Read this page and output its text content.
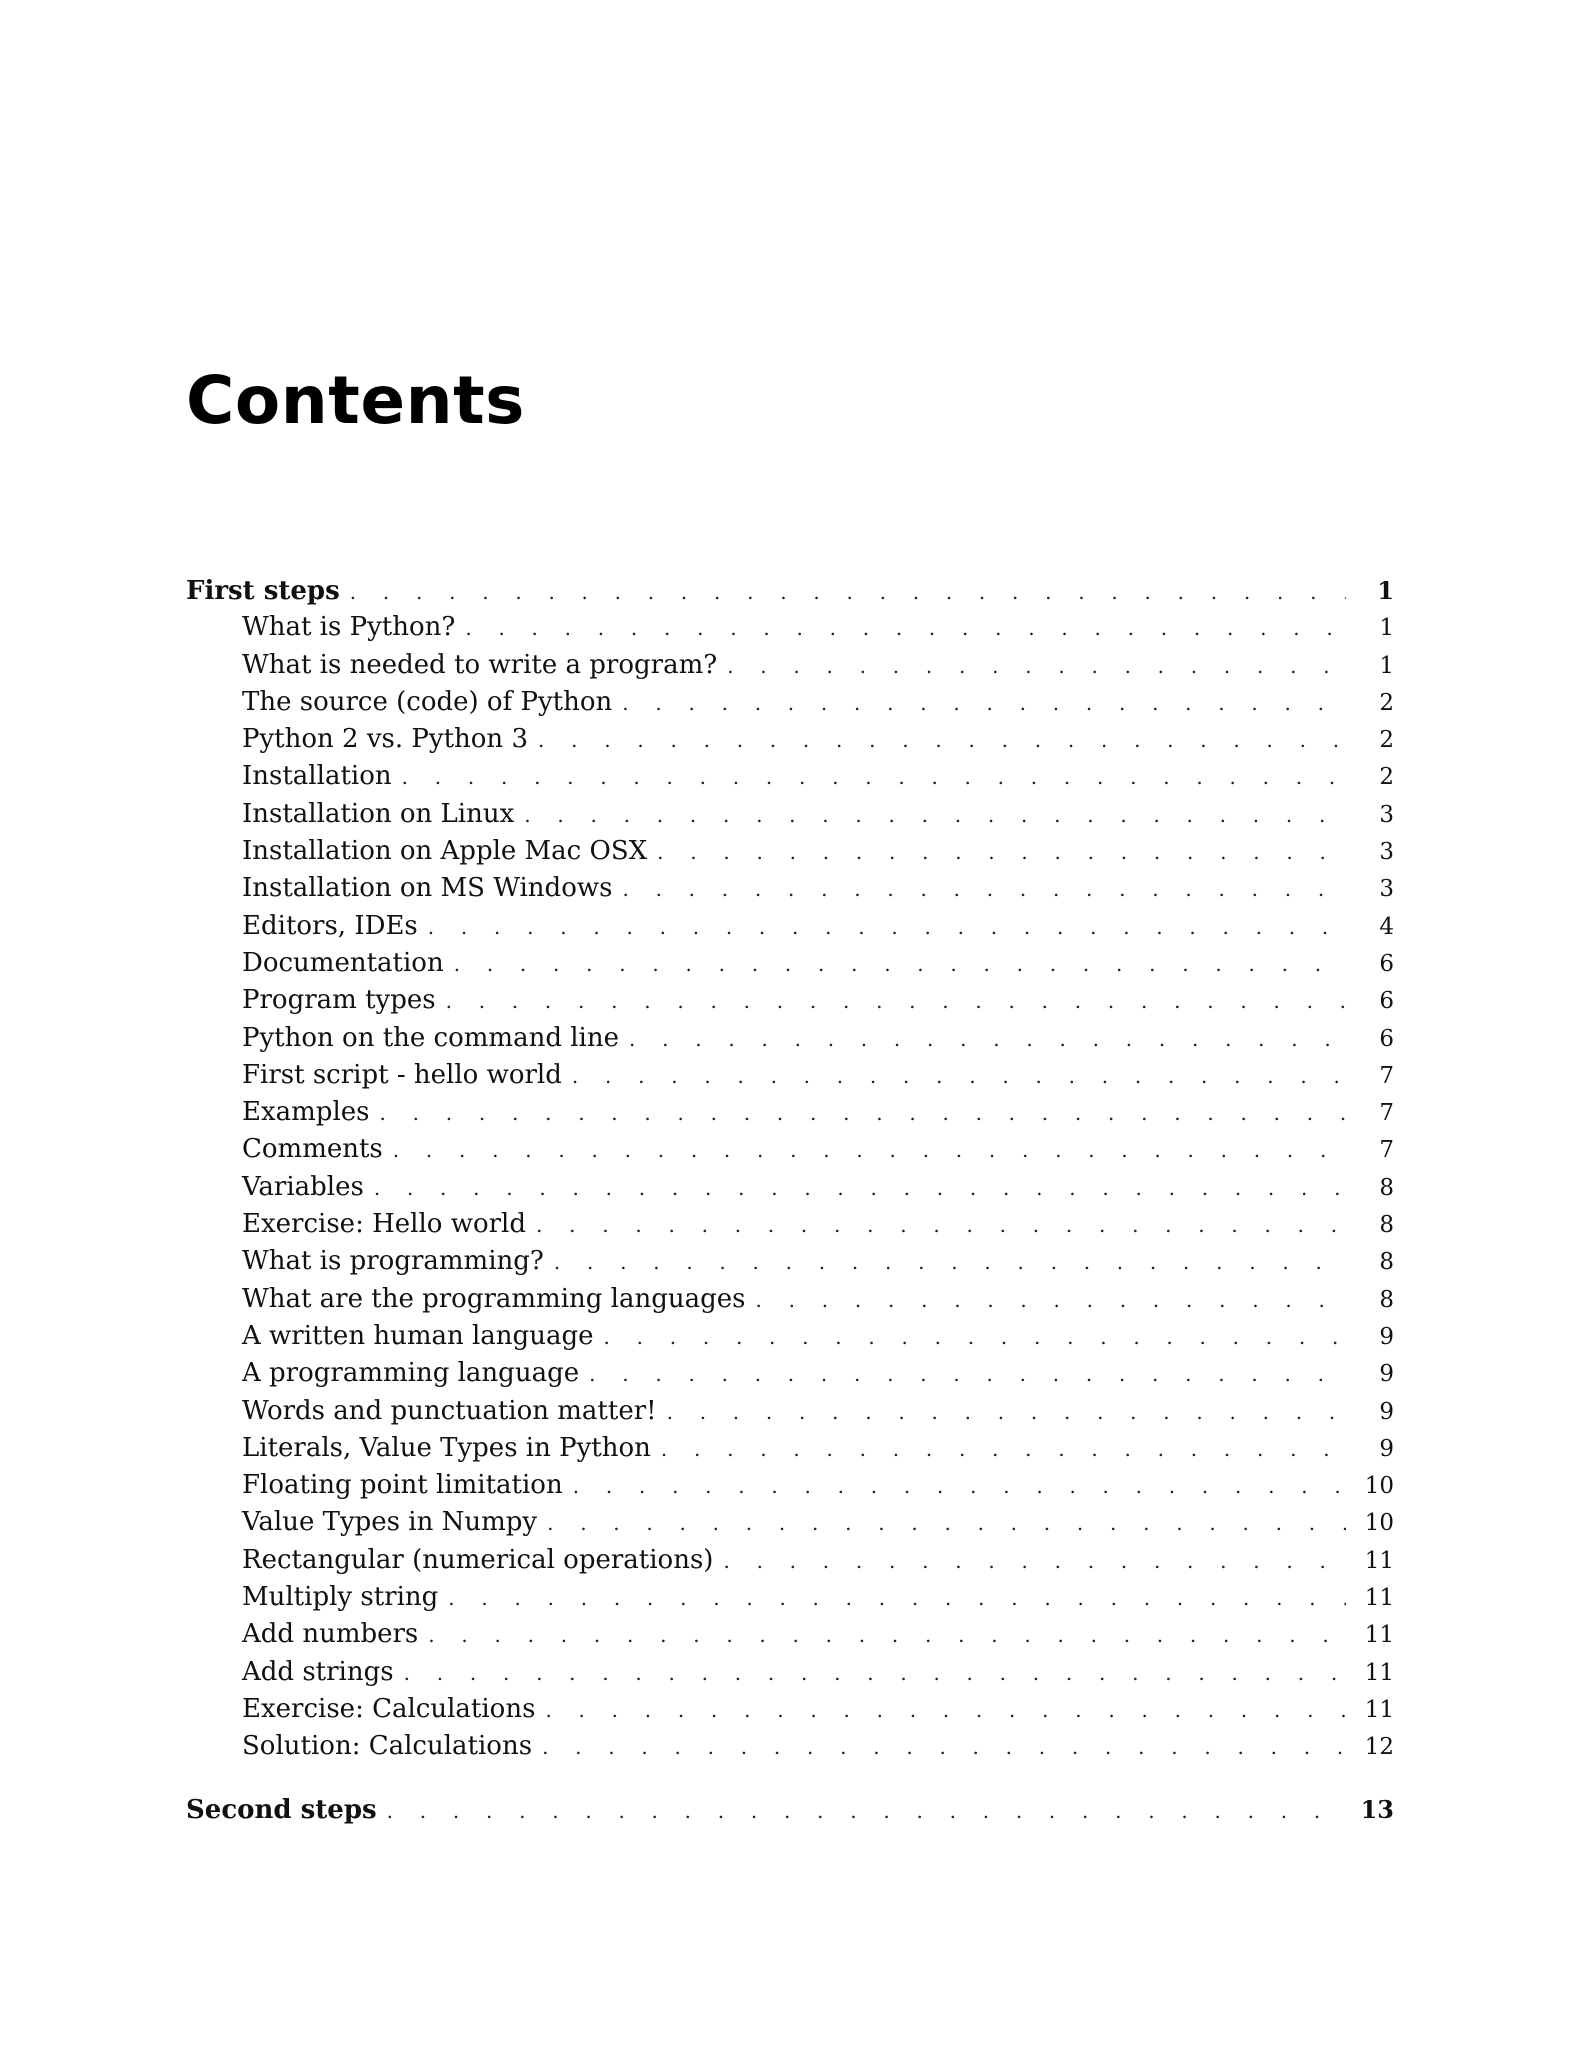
Contents
First steps . . .	1
What is Python? . . .	1
What is needed to write a program? . . .	1
The source (code) of Python . . .	2
Python 2 vs. Python 3 . . .	2
Installation . . .	2
Installation on Linux . . .	3
Installation on Apple Mac OSX . . .	3
Installation on MS Windows . . .	3
Editors, IDEs . . .	4
Documentation . . .	6
Program types . . .	6
Python on the command line . . .	6
First script - hello world . . .	7
Examples . . .	7
Comments . . .	7
Variables . . .	8
Exercise: Hello world . . .	8
What is programming? . . .	8
What are the programming languages . . .	8
A written human language . . .	9
A programming language . . .	9
Words and punctuation matter! . . .	9
Literals, Value Types in Python . . .	9
Floating point limitation . . .	10
Value Types in Numpy . . .	10
Rectangular (numerical operations) . . .	11
Multiply string . . .	11
Add numbers . . .	11
Add strings . . .	11
Exercise: Calculations . . .	11
Solution: Calculations . . .	12
Second steps . . .	13
